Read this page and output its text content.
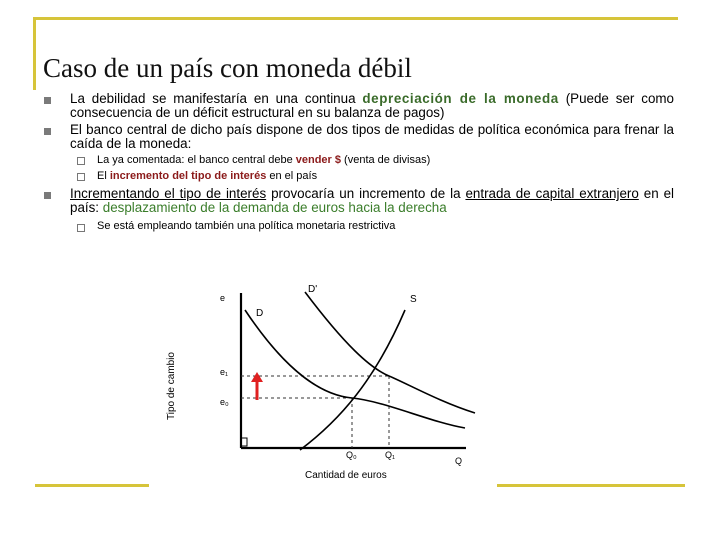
Caso de un país con moneda débil
La debilidad se manifestaría en una continua depreciación de la moneda (Puede ser como consecuencia de un déficit estructural en su balanza de pagos)
El banco central de dicho país dispone de dos tipos de medidas de política económica para frenar la caída de la moneda:
La ya comentada: el banco central debe vender $ (venta de divisas)
El incremento del tipo de interés en el país
Incrementando el tipo de interés provocaría un incremento de la entrada de capital extranjero en el país: desplazamiento de la demanda de euros hacia la derecha
Se está empleando también una política monetaria restrictiva
Tipo de cambio
e
e₁
e₀
Q₀	Q₁
Q
Cantidad de euros
D
D'
S
